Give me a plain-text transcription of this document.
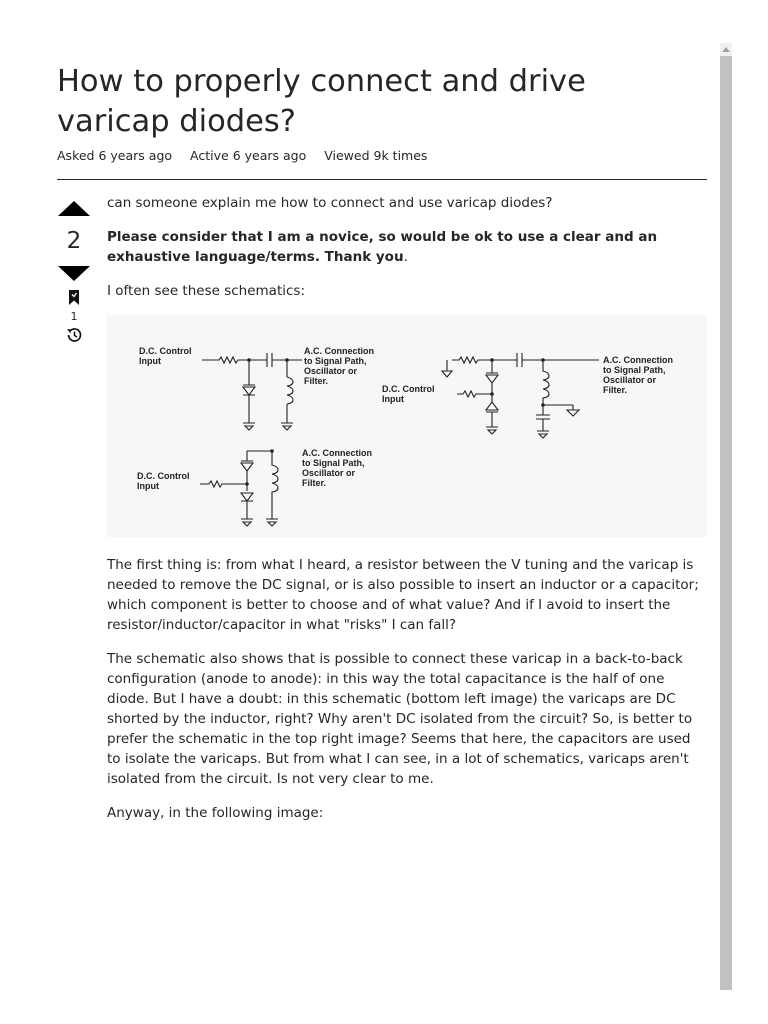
How to properly connect and drive varicap diodes?
Asked 6 years ago Active 6 years ago Viewed 9k times
2
1

can someone explain me how to connect and use varicap diodes?

Please consider that I am a novice, so would be ok to use a clear and an exhaustive language/terms. Thank you.

I often see these schematics:

D.C. Control
Input
A.C. Connection
to Signal Path,
Oscillator or
Filter.
D.C. Control
Input
A.C. Connection
to Signal Path,
Oscillator or
Filter.
D.C. Control
Input
A.C. Connection
to Signal Path,
Oscillator or
Filter.

The first thing is: from what I heard, a resistor between the V tuning and the varicap is needed to remove the DC signal, or is also possible to insert an inductor or a capacitor; which component is better to choose and of what value? And if I avoid to insert the resistor/inductor/capacitor in what "risks" I can fall?

The schematic also shows that is possible to connect these varicap in a back-to-back configuration (anode to anode): in this way the total capacitance is the half of one diode. But I have a doubt: in this schematic (bottom left image) the varicaps are DC shorted by the inductor, right? Why aren't DC isolated from the circuit? So, is better to prefer the schematic in the top right image? Seems that here, the capacitors are used to isolate the varicaps. But from what I can see, in a lot of schematics, varicaps aren't isolated from the circuit. Is not very clear to me.

Anyway, in the following image:
